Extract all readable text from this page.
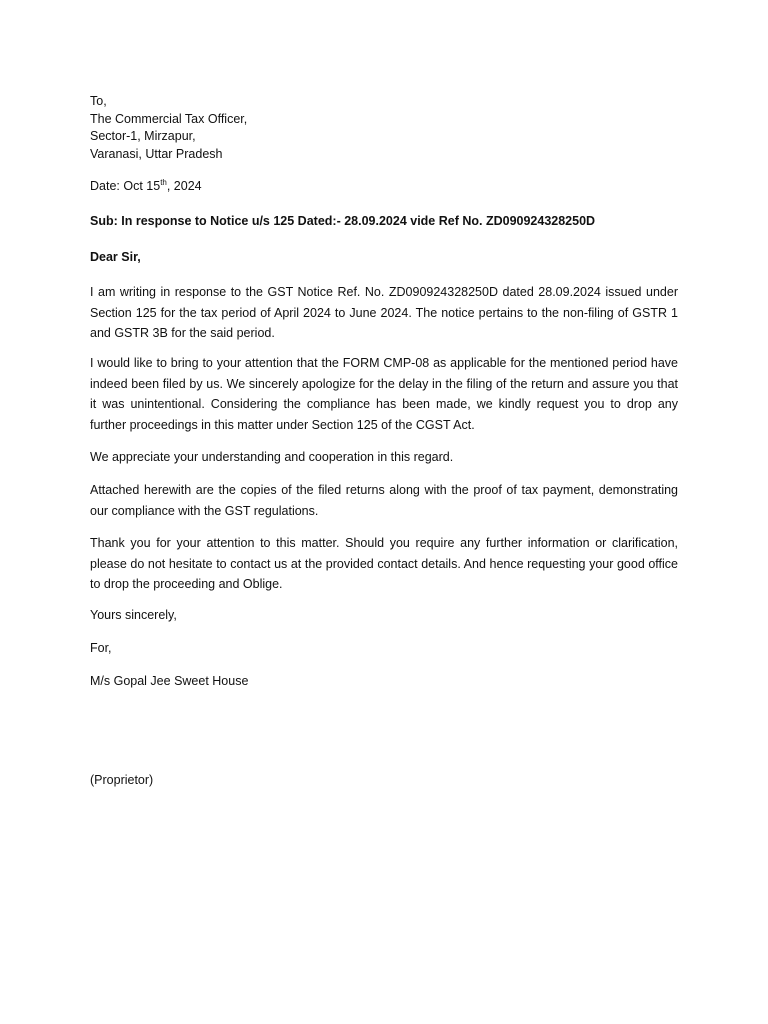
To,
The Commercial Tax Officer,
Sector-1, Mirzapur,
Varanasi, Uttar Pradesh
Date: Oct 15th, 2024
Sub: In response to Notice u/s 125 Dated:- 28.09.2024 vide Ref No. ZD090924328250D
Dear Sir,

I am writing in response to the GST Notice Ref. No. ZD090924328250D dated 28.09.2024 issued under Section 125 for the tax period of April 2024 to June 2024. The notice pertains to the non-filing of GSTR 1 and GSTR 3B for the said period.

I would like to bring to your attention that the FORM CMP-08 as applicable for the mentioned period have indeed been filed by us. We sincerely apologize for the delay in the filing of the return and assure you that it was unintentional. Considering the compliance has been made, we kindly request you to drop any further proceedings in this matter under Section 125 of the CGST Act.

We appreciate your understanding and cooperation in this regard.

Attached herewith are the copies of the filed returns along with the proof of tax payment, demonstrating our compliance with the GST regulations.

Thank you for your attention to this matter. Should you require any further information or clarification, please do not hesitate to contact us at the provided contact details. And hence requesting your good office to drop the proceeding and Oblige.

Yours sincerely,
For,
M/s Gopal Jee Sweet House
(Proprietor)
